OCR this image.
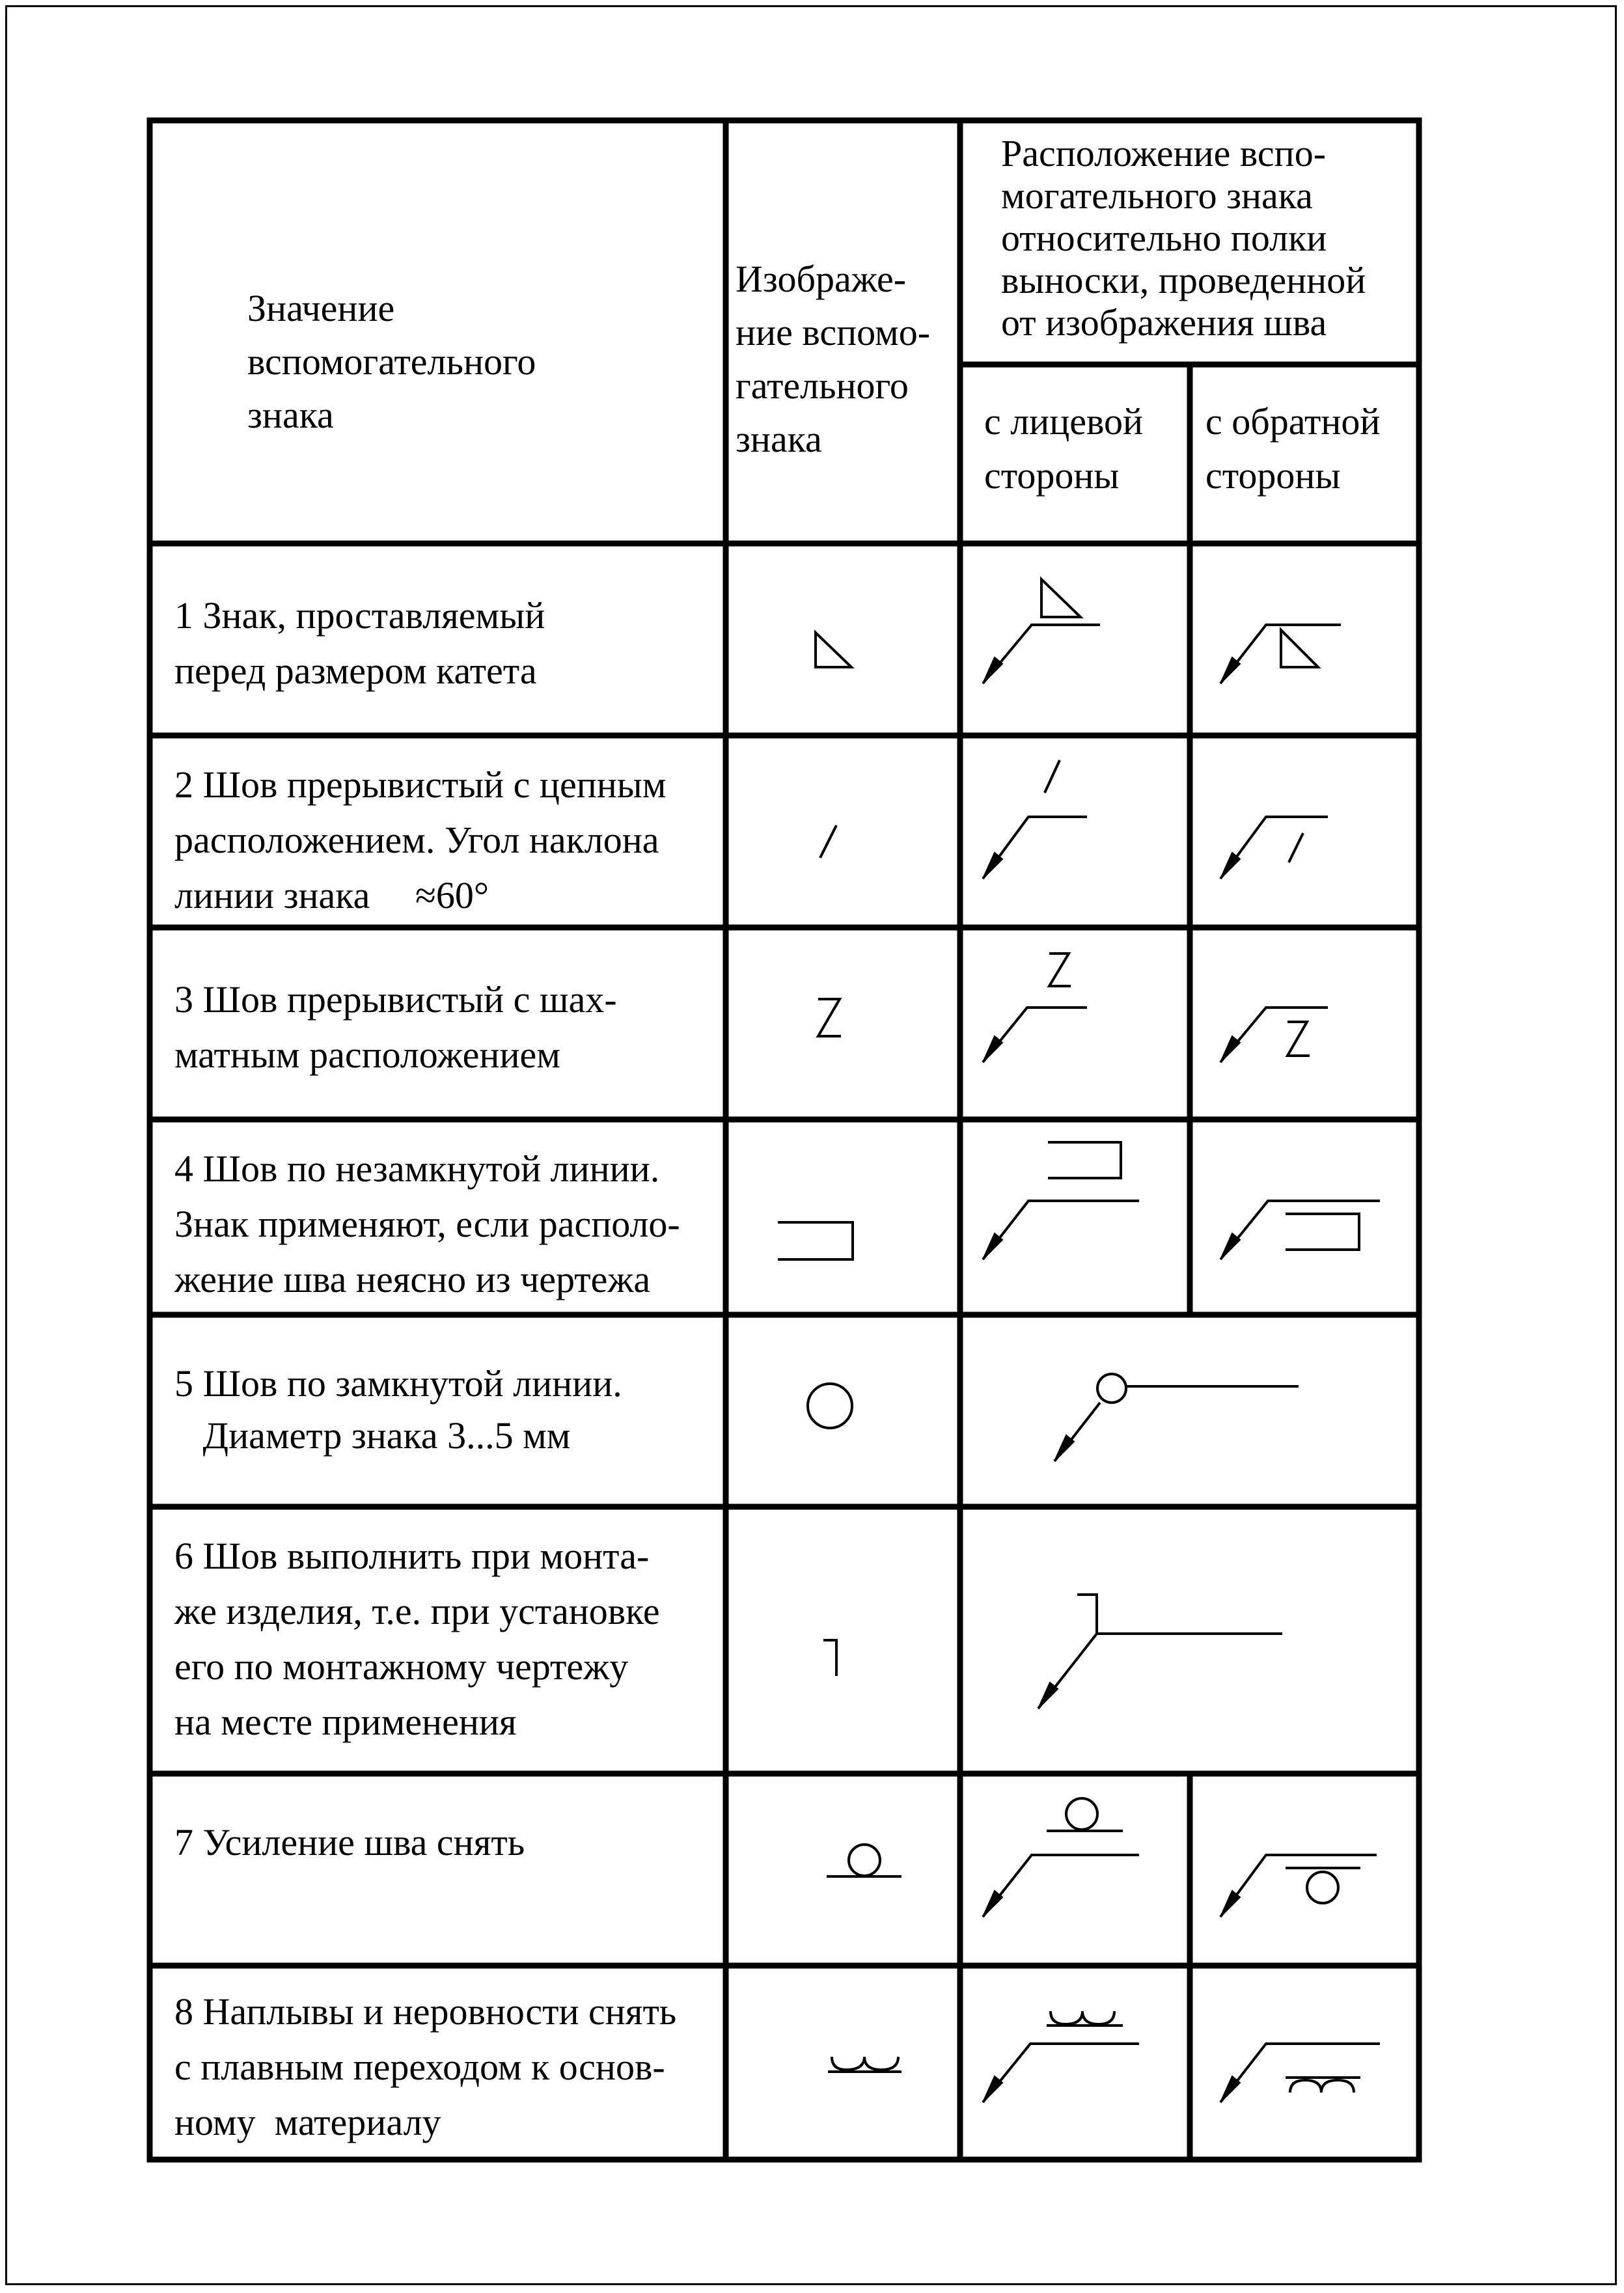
Значение
вспомогательного
знака
Изображе-
ние вспомо-
гательного
знака
Расположение вспо-
могательного знака
относительно полки
выноски, проведенной
от изображения шва
с лицевой
стороны
с обратной
стороны
1 Знак, проставляемый
перед размером катета
2 Шов прерывистый с цепным
расположением. Угол наклона
линии знака ≈60°
3 Шов прерывистый с шах-
матным расположением
4 Шов по незамкнутой линии.
Знак применяют, если располо-
жение шва неясно из чертежа
5 Шов по замкнутой линии.
Диаметр знака 3...5 мм
6 Шов выполнить при монта-
же изделия, т.е. при установке
его по монтажному чертежу
на месте применения
7 Усиление шва снять
8 Наплывы и неровности снять
с плавным переходом к основ-
ному  материалу
